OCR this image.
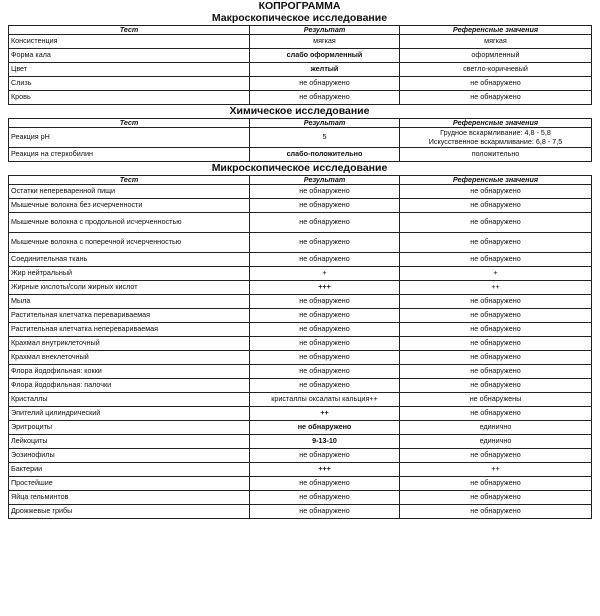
КОПРОГРАММА
Макроскопическое исследование
Тест	Результат	Референсные значения
Консистенция	мягкая	мягкая
Форма кала	слабо оформленный	оформленный
Цвет	желтый	светло-коричневый
Слизь	не обнаружено	не обнаружено
Кровь	не обнаружено	не обнаружено
Химическое исследование
Тест	Результат	Референсные значения
Реакция pH	5	Грудное вскармливание: 4,8 - 5,8
Искусственное вскармливание: 6,8 - 7,5

Реакция на стеркобилин	слабо-положительно	положительно
Микроскопическое исследование
Тест	Результат	Референсные значения
Остатки непереваренной пищи	не обнаружено	не обнаружено
Мышечные волокна без исчерченности	не обнаружено	не обнаружено
Мышечные волокна с продольной исчерченностью	не обнаружено	не обнаружено
Мышечные волокна с поперечной исчерченностью	не обнаружено	не обнаружено
Соединительная ткань	не обнаружено	не обнаружено
Жир нейтральный	+	+
Жирные кислоты/соли жирных кислот	+++	++
Мыла	не обнаружено	не обнаружено
Растительная клетчатка перевариваемая	не обнаружено	не обнаружено
Растительная клетчатка неперевариваемая	не обнаружено	не обнаружено
Крахмал внутриклеточный	не обнаружено	не обнаружено
Крахмал внеклеточный	не обнаружено	не обнаружено
Флора йодофильная: кокки	не обнаружено	не обнаружено
Флора йодофильная: палочки	не обнаружено	не обнаружено
Кристаллы	кристаллы оксалаты кальция++	не обнаружены
Эпителий цилиндрический	++	не обнаружено
Эритроциты	не обнаружено	единично
Лейкоциты	9-13-10	единично
Эозинофилы	не обнаружено	не обнаружено
Бактерии	+++	++
Простейшие	не обнаружено	не обнаружено
Яйца гельминтов	не обнаружено	не обнаружено
Дрожжевые грибы	не обнаружено	не обнаружено
